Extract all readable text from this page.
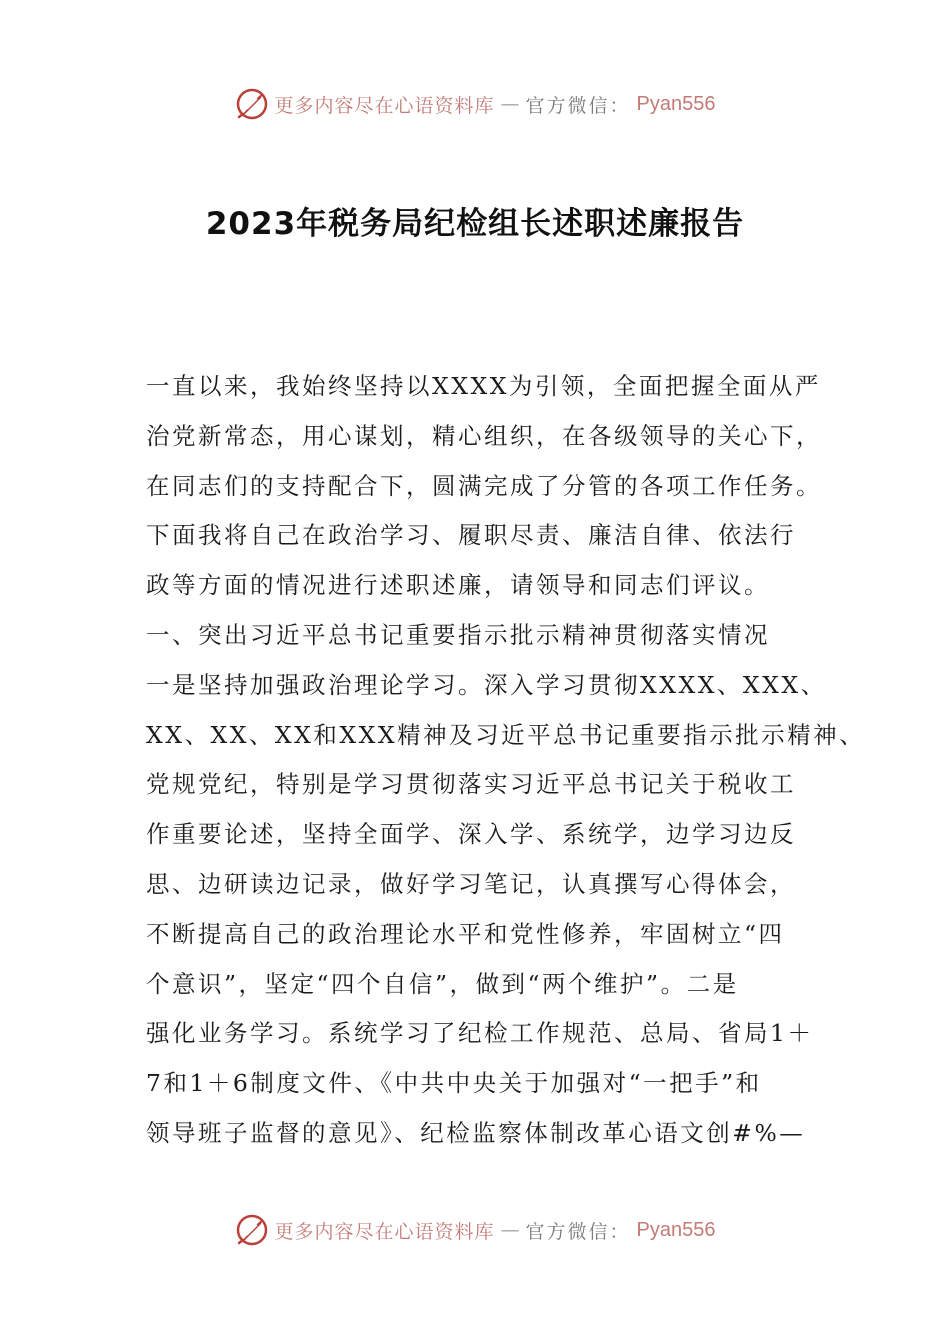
更多内容尽在心语资料库 — 官方微信： Pyan556
2023年税务局纪检组长述职述廉报告
一直以来，我始终坚持以XXXX为引领，全面把握全面从严
治党新常态，用心谋划，精心组织，在各级领导的关心下，
在同志们的支持配合下，圆满完成了分管的各项工作任务。
下面我将自己在政治学习、履职尽责、廉洁自律、依法行
政等方面的情况进行述职述廉，请领导和同志们评议。
一、突出习近平总书记重要指示批示精神贯彻落实情况
一是坚持加强政治理论学习。深入学习贯彻XXXX、XXX、
XX、XX、XX和XXX精神及习近平总书记重要指示批示精神、
党规党纪，特别是学习贯彻落实习近平总书记关于税收工
作重要论述，坚持全面学、深入学、系统学，边学习边反
思、边研读边记录，做好学习笔记，认真撰写心得体会，
不断提高自己的政治理论水平和党性修养，牢固树立“四
个意识”，坚定“四个自信”，做到“两个维护”。二是
强化业务学习。系统学习了纪检工作规范、总局、省局1＋
7和1＋6制度文件、《中共中央关于加强对“一把手”和
领导班子监督的意见》、纪检监察体制改革心语文创#%—
更多内容尽在心语资料库 — 官方微信： Pyan556
